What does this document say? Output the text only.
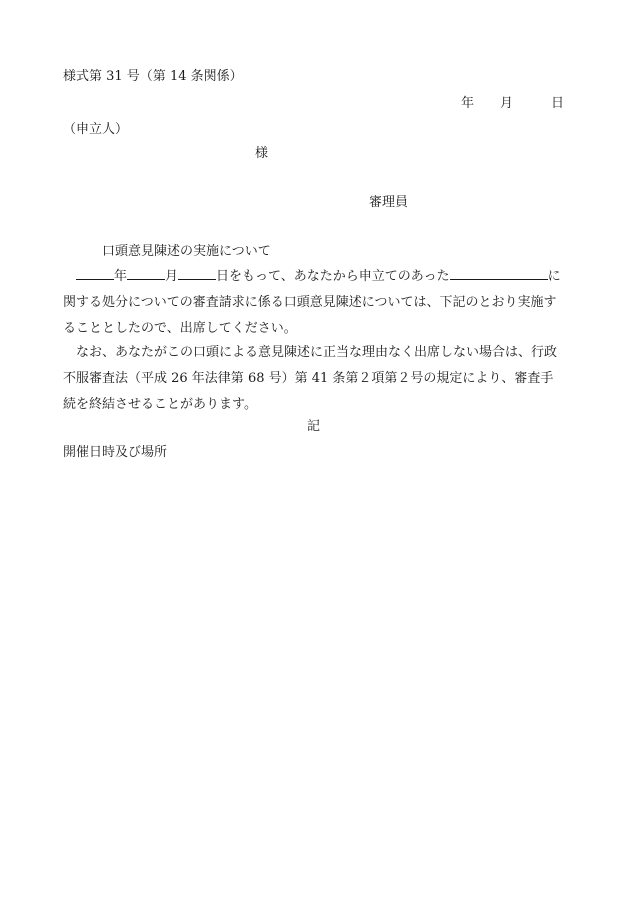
様式第 31 号（第 14 条関係）
年 月	日
（申立人）
様
審理員
口頭意見陳述の実施について

年	月	日をもって、あなたから申立てのあった	に関する処分についての審査請求に係る口頭意見陳述については、下記のとおり実施することとしたので、出席してください。

なお、あなたがこの口頭による意見陳述に正当な理由なく出席しない場合は、行政不服審査法（平成 26 年法律第 68 号）第 41 条第２項第２号の規定により、審査手続を終結させることがあります。

記
開催日時及び場所
